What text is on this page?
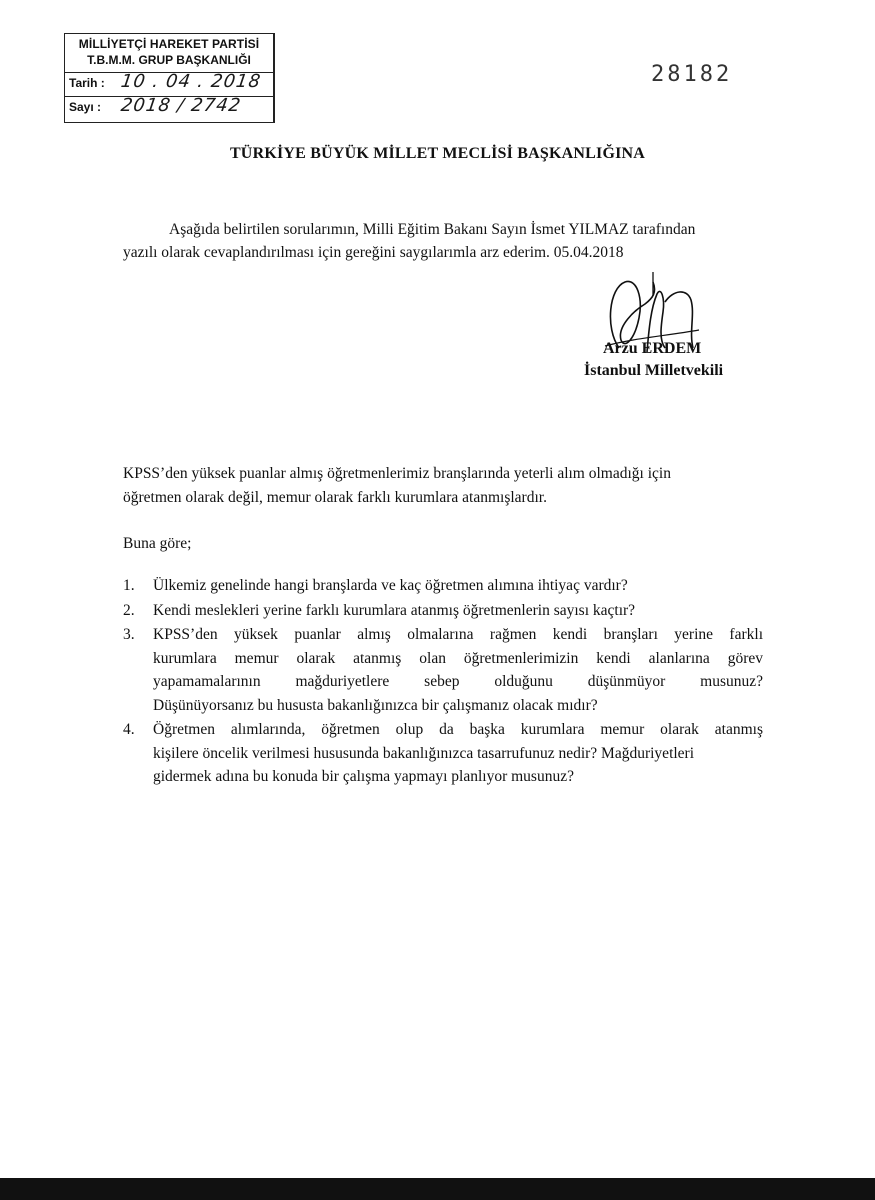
MİLLİYETÇİ HAREKET PARTİSİ
T.B.M.M. GRUP BAŞKANLIĞI
Tarih : 10 . 04 . 2018
Sayı : 2018 / 2742
28182
TÜRKİYE BÜYÜK MİLLET MECLİSİ BAŞKANLIĞINA

Aşağıda belirtilen sorularımın, Milli Eğitim Bakanı Sayın İsmet YILMAZ tarafından

yazılı olarak cevaplandırılması için gereğini saygılarımla arz ederim. 05.04.2018

Arzu ERDEM
İstanbul Milletvekili

KPSS’den yüksek puanlar almış öğretmenlerimiz branşlarında yeterli alım olmadığı için

öğretmen olarak değil, memur olarak farklı kurumlara atanmışlardır.

Buna göre;
1. Ülkemiz genelinde hangi branşlarda ve kaç öğretmen alımına ihtiyaç vardır?
2. Kendi meslekleri yerine farklı kurumlara atanmış öğretmenlerin sayısı kaçtır?
3. KPSS’den yüksek puanlar almış olmalarına rağmen kendi branşları yerine farklı
kurumlara memur olarak atanmış olan öğretmenlerimizin kendi alanlarına görev
yapamamalarının mağduriyetlere sebep olduğunu düşünmüyor musunuz?
Düşünüyorsanız bu hususta bakanlığınızca bir çalışmanız olacak mıdır?
4. Öğretmen alımlarında, öğretmen olup da başka kurumlara memur olarak atanmış
kişilere öncelik verilmesi hususunda bakanlığınızca tasarrufunuz nedir? Mağduriyetleri
gidermek adına bu konuda bir çalışma yapmayı planlıyor musunuz?
